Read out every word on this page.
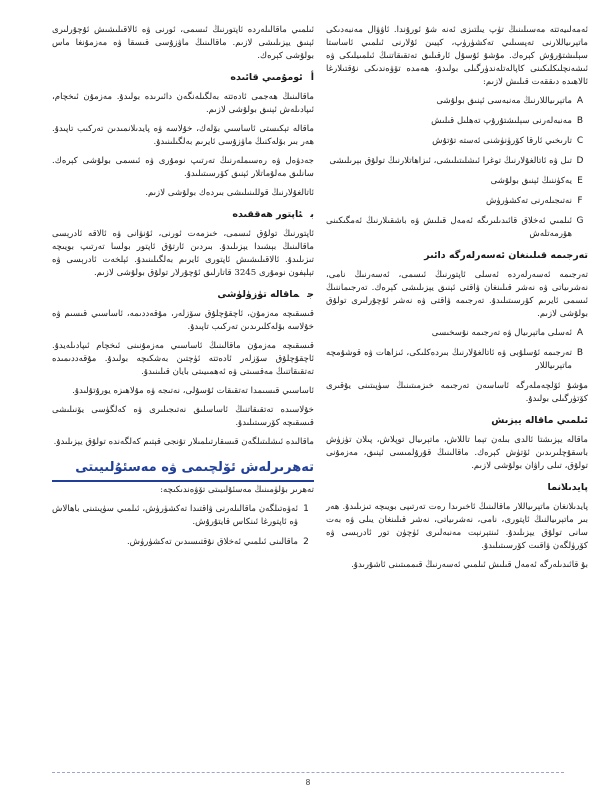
ئەمەلىيەتتە مەسىلىنىڭ تۈپ يىلتىزى ئەنە شۇ ئورۇندا. ئاۋۋال مەنبەدىكى ماتېرىياللارنى تەپسىلىي تەكشۈرۈپ، كېيىن ئۇلارنى ئىلمىي ئاساستا سېلىشتۇرۇش كېرەك. مۇشۇ ئۇسۇل ئارقىلىق تەتقىقاتنىڭ ئىلمىيلىكى ۋە ئىشەنچلىكلىكىنى كاپالەتلەندۈرگىلى بولىدۇ، ھەمدە تۆۋەندىكى نۇقتىلارغا ئالاھىدە دىققەت قىلىش لازىم:

A
ماتېرىياللارنىڭ مەنبەسى ئېنىق بولۇشى
B
مەنبەلەرنى سېلىشتۇرۇپ تەھلىل قىلىش
C
تارىخىي ئارقا كۆرۈنۈشنى ئەستە تۇتۇش
D
تىل ۋە ئاتالغۇلارنىڭ توغرا ئىشلىتىلىشى، ئىزاھاتلارنىڭ تولۇق بېرىلىشى
E
يەكۈننىڭ ئېنىق بولۇشى
F
نەتىجىلەرنى تەكشۈرۈش
G
ئىلمىي ئەخلاق قائىدىلىرىگە ئەمەل قىلىش ۋە باشقىلارنىڭ ئەمگىكىنى ھۆرمەتلەش
تەرجىمە قىلىنغان ئەسەرلەرگە دائىر

تەرجىمە ئەسەرلەردە ئەسلى ئاپتورنىڭ ئىسمى، ئەسەرنىڭ نامى، نەشرىياتى ۋە نەشر قىلىنغان ۋاقتى ئېنىق يېزىلىشى كېرەك. تەرجىماننىڭ ئىسمى ئايرىم كۆرسىتىلىدۇ. تەرجىمە ۋاقتى ۋە نەشر ئۇچۇرلىرى تولۇق بولۇشى لازىم.

A
ئەسلى ماتېرىيال ۋە تەرجىمە نۇسخىسى
B
تەرجىمە ئۇسلۇبى ۋە ئاتالغۇلارنىڭ بىردەكلىكى، ئىزاھات ۋە قوشۇمچە ماتېرىياللار

مۇشۇ ئۆلچەملەرگە ئاساسەن تەرجىمە خىزمىتىنىڭ سۈپىتىنى يۇقىرى كۆتۈرگىلى بولىدۇ.

ئىلمىي ماقالە يېزىش

ماقالە يېزىشتا ئالدى بىلەن تېما تاللاش، ماتېرىيال توپلاش، پىلان تۈزۈش باسقۇچلىرىدىن ئۆتۈش كېرەك. ماقالىنىڭ قۇرۇلمىسى ئېنىق، مەزمۇنى تولۇق، تىلى راۋان بولۇشى لازىم.

پايدىلانما

پايدىلانغان ماتېرىياللار ماقالىنىڭ ئاخىرىدا رەت تەرتىپى بويىچە تىزىلىدۇ. ھەر بىر ماتېرىيالنىڭ ئاپتورى، نامى، نەشرىياتى، نەشر قىلىنغان يىلى ۋە بەت سانى تولۇق يېزىلىدۇ. ئىنتېرنېت مەنبەلىرى ئۈچۈن تور ئادرېسى ۋە كۆرۈلگەن ۋاقىت كۆرسىتىلىدۇ.

بۇ قائىدىلەرگە ئەمەل قىلىش ئىلمىي ئەسەرنىڭ قىممىتىنى ئاشۇرىدۇ.

ئىلمىي ماقالىلەردە ئاپتورنىڭ ئىسمى، ئورنى ۋە ئالاقىلىشىش ئۇچۇرلىرى ئېنىق يېزىلىشى لازىم. ماقالىنىڭ ماۋزۇسى قىسقا ۋە مەزمۇنغا ماس بولۇشى كېرەك.

أئومۇمىي قائىدە

ماقالىنىڭ ھەجمى ئادەتتە بەلگىلەنگەن دائىرىدە بولىدۇ. مەزمۇن ئىخچام، ئىپادىلەش ئېنىق بولۇشى لازىم.

ماقالە تېكىستى ئاساسىي بۆلەك، خۇلاسە ۋە پايدىلانمىدىن تەركىب تاپىدۇ. ھەر بىر بۆلەكنىڭ ماۋزۇسى ئايرىم بەلگىلىنىدۇ.

جەدۋەل ۋە رەسىملەرنىڭ تەرتىپ نومۇرى ۋە ئىسمى بولۇشى كېرەك. سانلىق مەلۇماتلار ئېنىق كۆرسىتىلىدۇ.

ئاتالغۇلارنىڭ قوللىنىلىشى بىردەك بولۇشى لازىم.

بئاپتور ھەققىدە

ئاپتورنىڭ تولۇق ئىسمى، خىزمەت ئورنى، ئۇنۋانى ۋە ئالاقە ئادرېسى ماقالىنىڭ بېشىدا يېزىلىدۇ. بىردىن ئارتۇق ئاپتور بولسا تەرتىپ بويىچە تىزىلىدۇ. ئالاقىلىشىش ئاپتورى ئايرىم بەلگىلىنىدۇ. ئېلخەت ئادرېسى ۋە تېلېفون نومۇرى 3245 قاتارلىق ئۇچۇرلار تولۇق بولۇشى لازىم.

جماقالە تۈزۈلۈشى

قىسقىچە مەزمۇن، ئاچقۇچلۇق سۆزلەر، مۇقەددىمە، ئاساسىي قىسىم ۋە خۇلاسە بۆلەكلىرىدىن تەركىب تاپىدۇ.

قىسقىچە مەزمۇن ماقالىنىڭ ئاساسىي مەزمۇنىنى ئىخچام ئىپادىلەيدۇ. ئاچقۇچلۇق سۆزلەر ئادەتتە ئۈچتىن بەشكىچە بولىدۇ. مۇقەددىمىدە تەتقىقاتنىڭ مەقسىتى ۋە ئەھمىيىتى بايان قىلىنىدۇ.

ئاساسىي قىسىمدا تەتقىقات ئۇسۇلى، نەتىجە ۋە مۇلاھىزە يورۇتۇلىدۇ.

خۇلاسىدە تەتقىقاتنىڭ ئاساسلىق نەتىجىلىرى ۋە كەلگۈسى يۆنىلىشى قىسقىچە كۆرسىتىلىدۇ.

ماقالىدە ئىشلىتىلگەن قىسقارتىلمىلار تۇنجى قېتىم كەلگەندە تولۇق يېزىلىدۇ.

تەھرىرلەش ئۆلچىمى ۋە مەسئۇلىيىتى

تەھرىر بۆلۈمىنىڭ مەسئۇلىيىتى تۆۋەندىكىچە:

1
ئەۋەتىلگەن ماقالىلەرنى ۋاقتىدا تەكشۈرۈش، ئىلمىي سۈپىتىنى باھالاش ۋە ئاپتورغا ئىنكاس قايتۇرۇش.
2
ماقالىنى ئىلمىي ئەخلاق نۇقتىسىدىن تەكشۈرۈش.
8
